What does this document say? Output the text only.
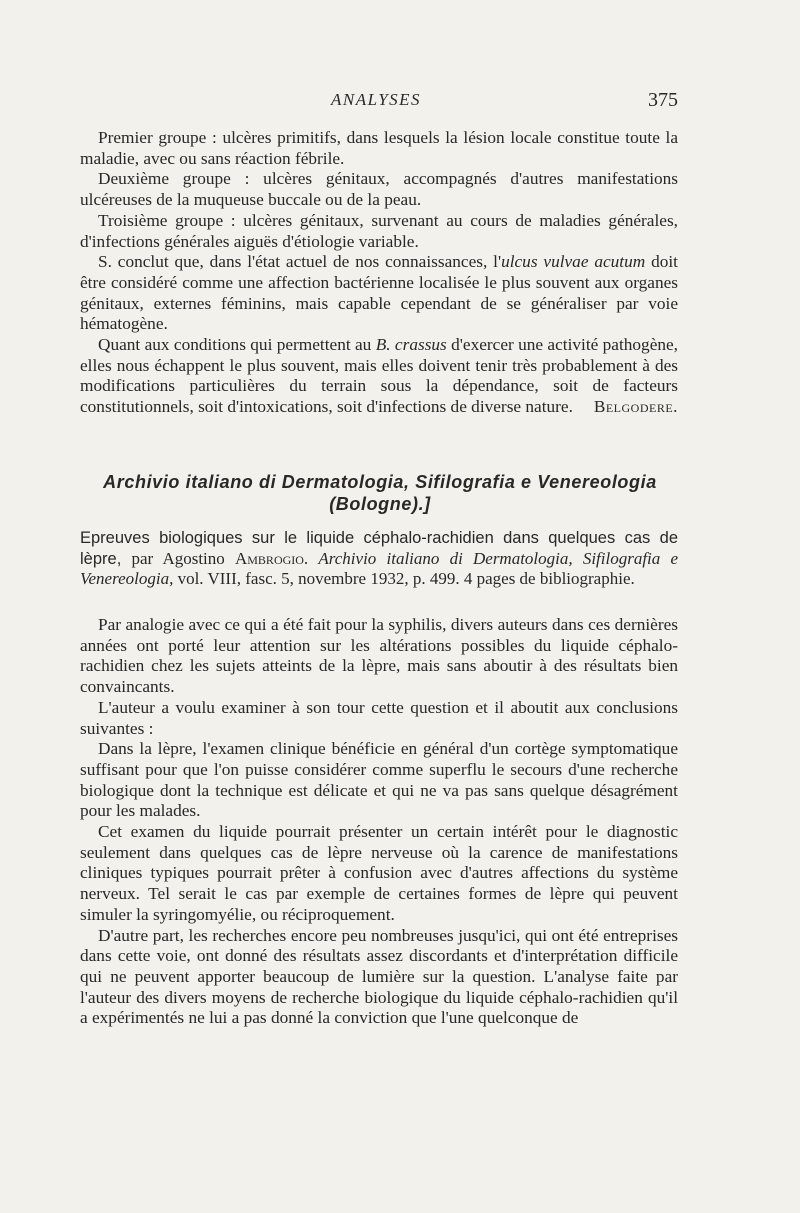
ANALYSES	375

Premier groupe : ulcères primitifs, dans lesquels la lésion locale constitue toute la maladie, avec ou sans réaction fébrile.

Deuxième groupe : ulcères génitaux, accompagnés d'autres manifestations ulcéreuses de la muqueuse buccale ou de la peau.

Troisième groupe : ulcères génitaux, survenant au cours de maladies générales, d'infections générales aiguës d'étiologie variable.

S. conclut que, dans l'état actuel de nos connaissances, l'ulcus vulvae acutum doit être considéré comme une affection bactérienne localisée le plus souvent aux organes génitaux, externes féminins, mais capable cependant de se généraliser par voie hématogène.

Quant aux conditions qui permettent au B. crassus d'exercer une activité pathogène, elles nous échappent le plus souvent, mais elles doivent tenir très probablement à des modifications particulières du terrain sous la dépendance, soit de facteurs constitutionnels, soit d'intoxications, soit d'infections de diverse nature.	Belgodere.

Archivio italiano di Dermatologia, Sifilografia e Venereologia
(Bologne).]
Epreuves biologiques sur le liquide céphalo-rachidien dans quelques cas de lèpre, par Agostino Ambrogio. Archivio italiano di Dermatologia, Sifilografia e Venereologia, vol. VIII, fasc. 5, novembre 1932, p. 499. 4 pages de bibliographie.

Par analogie avec ce qui a été fait pour la syphilis, divers auteurs dans ces dernières années ont porté leur attention sur les altérations possibles du liquide céphalo-rachidien chez les sujets atteints de la lèpre, mais sans aboutir à des résultats bien convaincants.

L'auteur a voulu examiner à son tour cette question et il aboutit aux conclusions suivantes :

Dans la lèpre, l'examen clinique bénéficie en général d'un cortège symptomatique suffisant pour que l'on puisse considérer comme superflu le secours d'une recherche biologique dont la technique est délicate et qui ne va pas sans quelque désagrément pour les malades.

Cet examen du liquide pourrait présenter un certain intérêt pour le diagnostic seulement dans quelques cas de lèpre nerveuse où la carence de manifestations cliniques typiques pourrait prêter à confusion avec d'autres affections du système nerveux. Tel serait le cas par exemple de certaines formes de lèpre qui peuvent simuler la syringomyélie, ou réciproquement.

D'autre part, les recherches encore peu nombreuses jusqu'ici, qui ont été entreprises dans cette voie, ont donné des résultats assez discordants et d'interprétation difficile qui ne peuvent apporter beaucoup de lumière sur la question. L'analyse faite par l'auteur des divers moyens de recherche biologique du liquide céphalo-rachidien qu'il a expérimentés ne lui a pas donné la conviction que l'une quelconque de
